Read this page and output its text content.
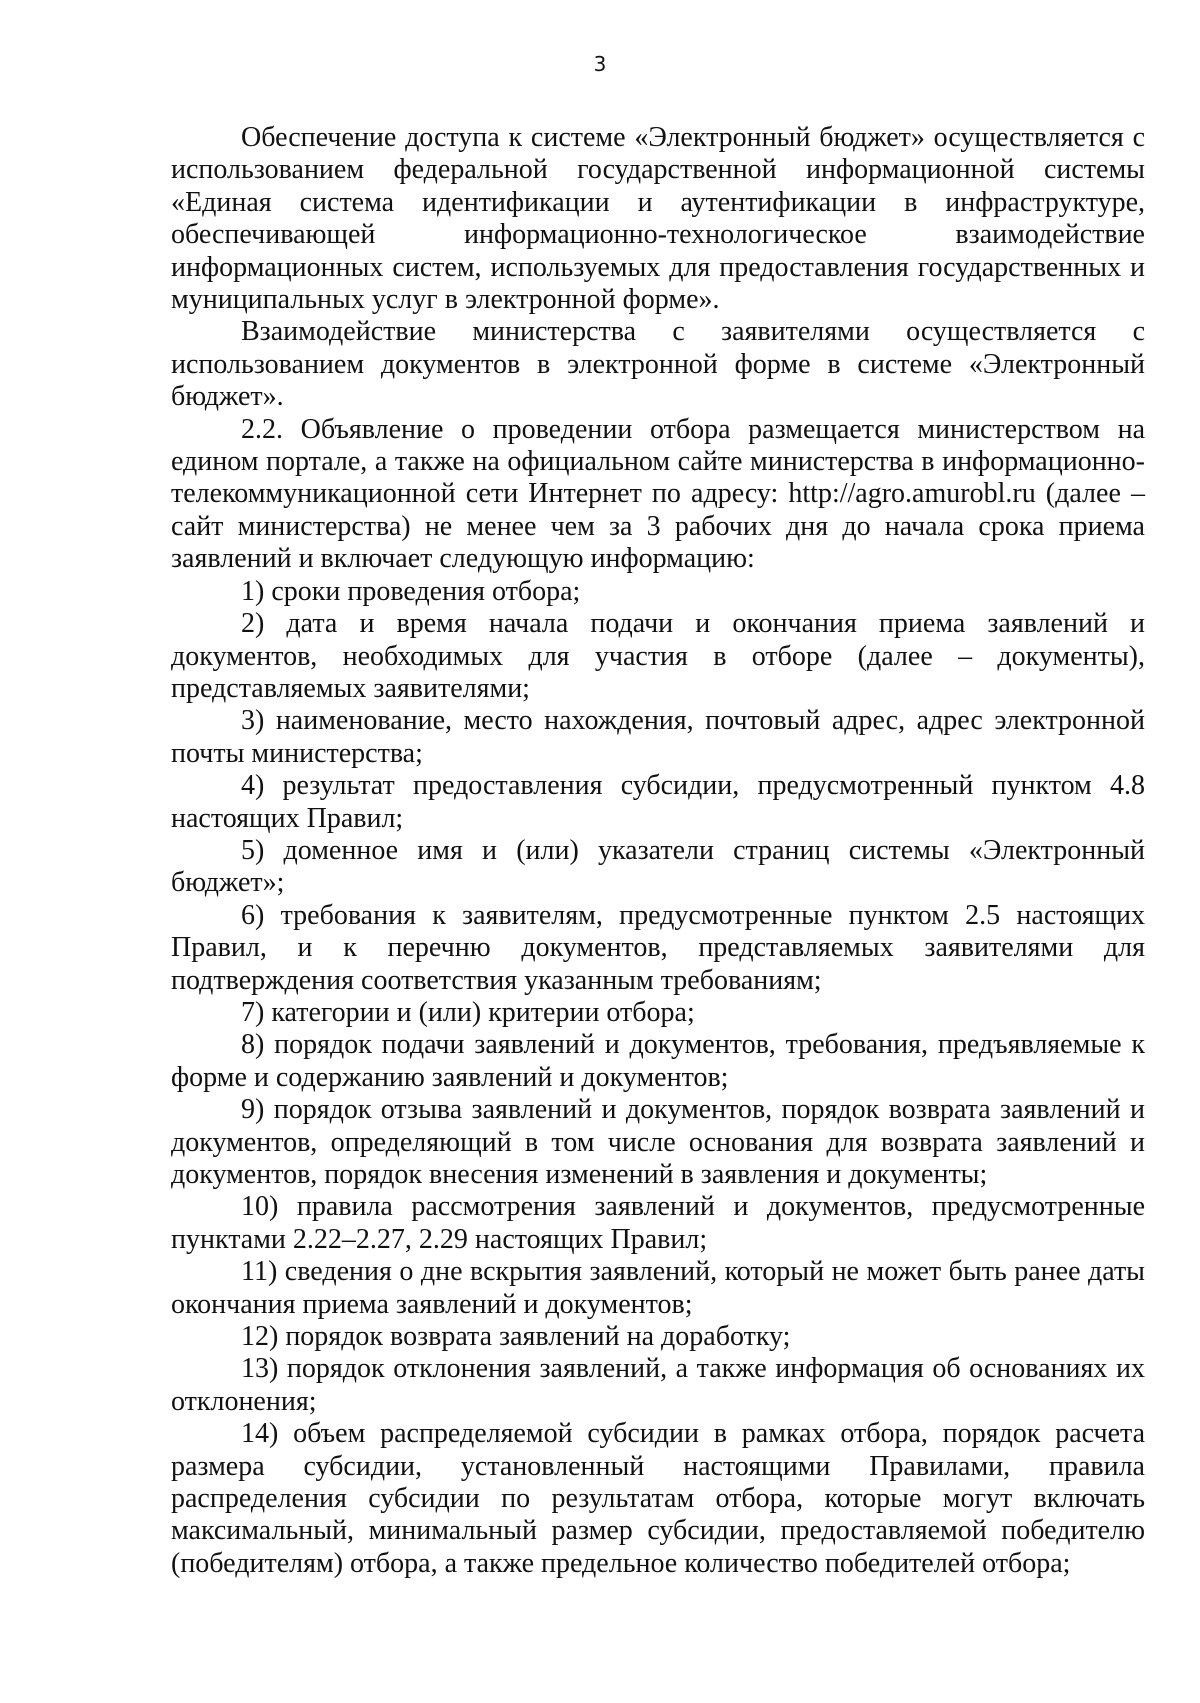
3

Обеспечение доступа к системе «Электронный бюджет» осуществляется с использованием федеральной государственной информационной системы «Единая система идентификации и аутентификации в инфраструктуре, обеспечивающей информационно-технологическое взаимодействие информационных систем, используемых для предоставления государственных и муниципальных услуг в электронной форме».

Взаимодействие министерства с заявителями осуществляется с использованием документов в электронной форме в системе «Электронный бюджет».

2.2. Объявление о проведении отбора размещается министерством на едином портале, а также на официальном сайте министерства в информационно-телекоммуникационной сети Интернет по адресу: http://agro.amurobl.ru (далее – сайт министерства) не менее чем за 3 рабочих дня до начала срока приема заявлений и включает следующую информацию:

1) сроки проведения отбора;

2) дата и время начала подачи и окончания приема заявлений и документов, необходимых для участия в отборе (далее – документы), представляемых заявителями;

3) наименование, место нахождения, почтовый адрес, адрес электронной почты министерства;

4) результат предоставления субсидии, предусмотренный пунктом 4.8 настоящих Правил;

5) доменное имя и (или) указатели страниц системы «Электронный бюджет»;

6) требования к заявителям, предусмотренные пунктом 2.5 настоящих Правил, и к перечню документов, представляемых заявителями для подтверждения соответствия указанным требованиям;

7) категории и (или) критерии отбора;

8) порядок подачи заявлений и документов, требования, предъявляемые к форме и содержанию заявлений и документов;

9) порядок отзыва заявлений и документов, порядок возврата заявлений и документов, определяющий в том числе основания для возврата заявлений и документов, порядок внесения изменений в заявления и документы;

10) правила рассмотрения заявлений и документов, предусмотренные пунктами 2.22–2.27, 2.29 настоящих Правил;

11) сведения о дне вскрытия заявлений, который не может быть ранее даты окончания приема заявлений и документов;

12) порядок возврата заявлений на доработку;

13) порядок отклонения заявлений, а также информация об основаниях их отклонения;

14) объем распределяемой субсидии в рамках отбора, порядок расчета размера субсидии, установленный настоящими Правилами, правила распределения субсидии по результатам отбора, которые могут включать максимальный, минимальный размер субсидии, предоставляемой победителю (победителям) отбора, а также предельное количество победителей отбора;
